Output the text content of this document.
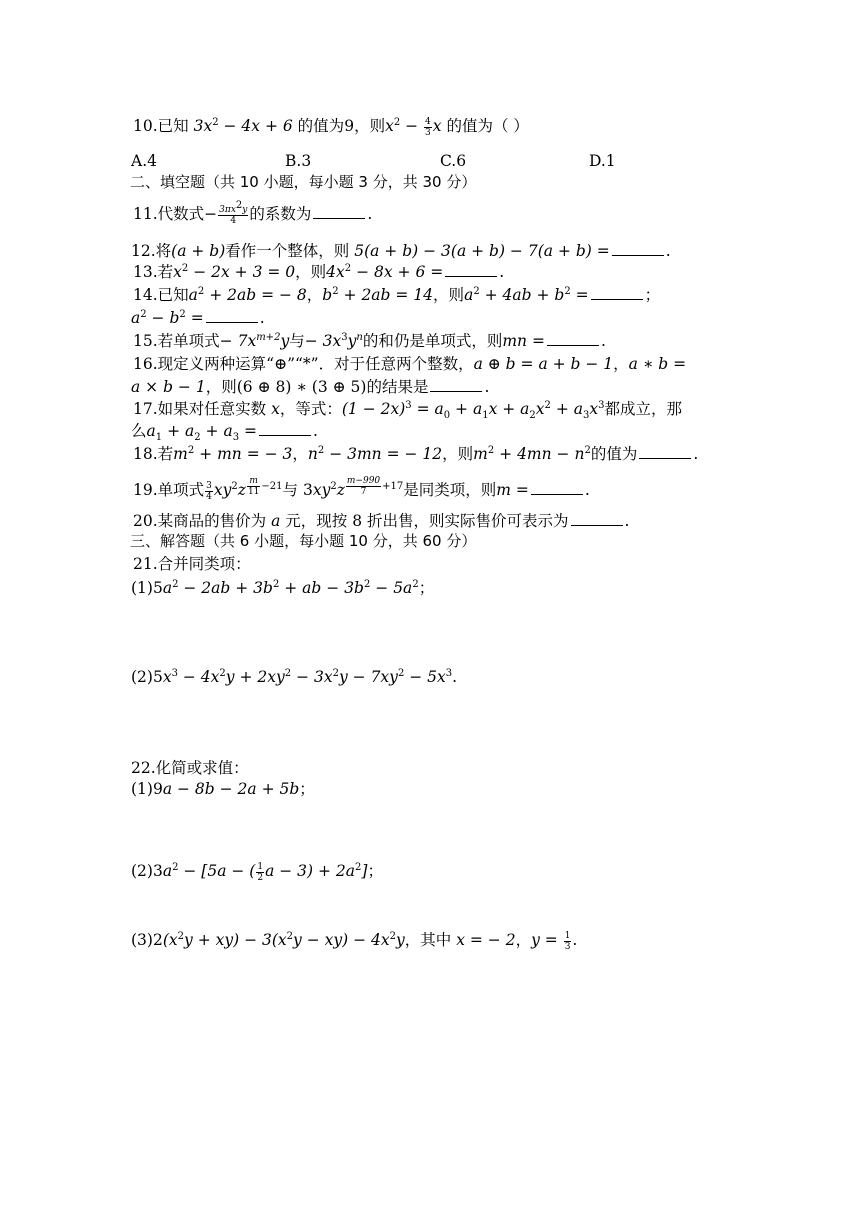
10.已知 $3x^2 - 4x + 6$ 的值为9，则$x^2 - \frac{4}{3}$ x 的值为（ ）
A.4	B.3	C.6	D.1
二、填空题（共 10 小题，每小题 3 分，共 30 分）
11.代数式− $\frac{3\pi x^2y}{4}$ 的系数为	.
12.将(a + b)看作一个整体，则 5(a + b) − 3(a + b) − 7(a + b) =	.
13.若$x^2 - 2x + 3 = 0$，则$4x^2 - 8x + 6$ =	.
14.已知$a^2 + 2ab$ = − 8，$b^2 + 2ab = 14$，则$a^2 + 4ab + b^2$ =	；
$a^2 - b^2$ =	.
15.若单项式− $7x^{m+2}y$与− $3x^3y^n$的和仍是单项式，则mn =	.
16.现定义两种运算“⊕”“*”．对于任意两个整数，a ⊕ b = a + b − 1，a ∗ b =
a × b − 1，则(6 ⊕ 8) ∗ (3 ⊕ 5)的结果是	.
17.如果对任意实数 x，等式：$(1 - 2x)^3 = a_0 + a_1x + a_2x^2 + a_3x^3$都成立，那
么$a_1 + a_2 + a_3$ =	.
18.若$m^2$ + mn = − 3，$n^2 - 3mn$ = − 12，则$m^2 + 4mn - n^2$的值为	.
19.单项式 $\frac{3}{4} xy^2z$ $^{\frac{m}{11} -21}$与 $3xy^2z$ $^{\frac{m-990}{7} +17}$是同类项，则m =	.
20.某商品的售价为 a 元，现按 8 折出售，则实际售价可表示为	.
三、解答题（共 6 小题，每小题 10 分，共 60 分）
21.合并同类项：
$(1)5a^2 - 2ab + 3b^2$ + ab − $3b^2 - 5a^2$；
$(2)5x^3 - 4x^2y + 2xy^2 - 3x^2y - 7xy^2 - 5x^3$.
22.化简或求值：
(1)9a − 8b − 2a + 5b；
$(2)3a^2 - [5a$ − ( $\frac{1}{2}$ $a - 3) + 2a^2$]；
$(3)2(x^2y + xy) - 3(x^2y - xy) - 4x^2y$，其中 x = − 2，$y = \frac{1}{3}$ .
